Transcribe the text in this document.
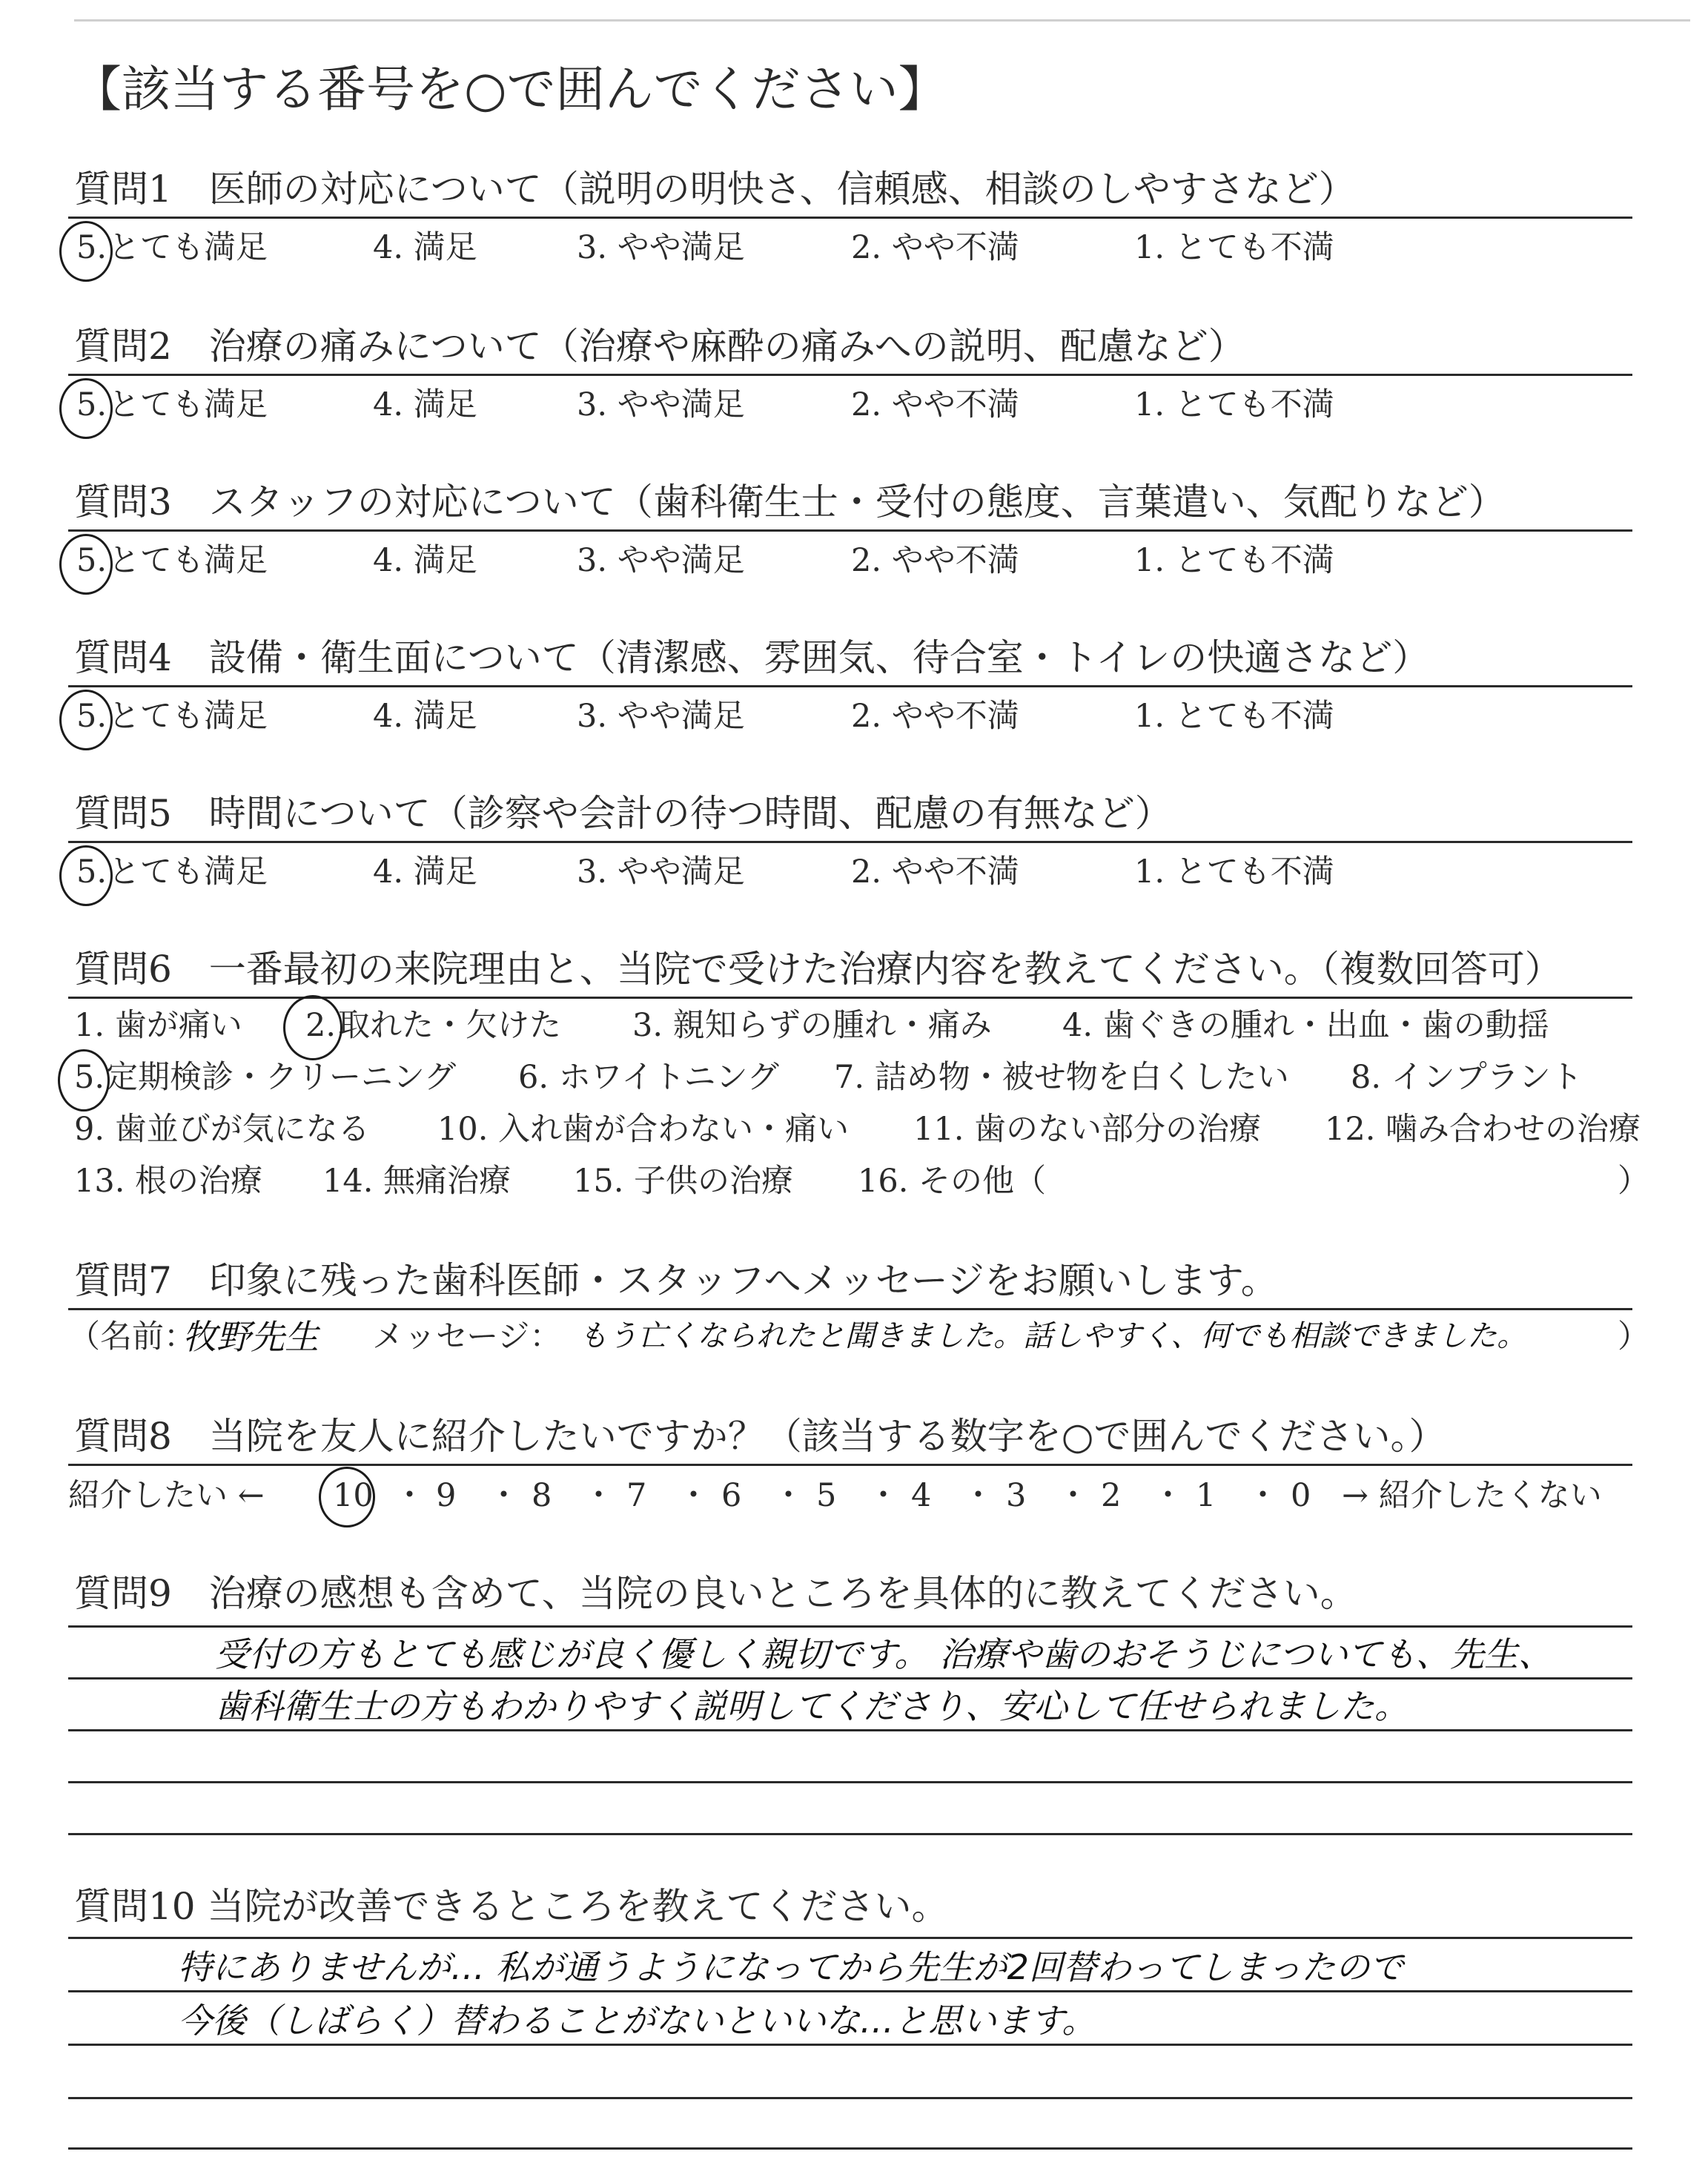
【該当する番号を○で囲んでください】
質問1　医師の対応について（説明の明快さ、信頼感、相談のしやすさなど）
5. とても満足	4. 満足	3. やや満足	2. やや不満	1. とても不満
質問2　治療の痛みについて（治療や麻酔の痛みへの説明、配慮など）
5. とても満足	4. 満足	3. やや満足	2. やや不満	1. とても不満
質問3　スタッフの対応について（歯科衛生士・受付の態度、言葉遣い、気配りなど）
5. とても満足	4. 満足	3. やや満足	2. やや不満	1. とても不満
質問4　設備・衛生面について（清潔感、雰囲気、待合室・トイレの快適さなど）
5. とても満足	4. 満足	3. やや満足	2. やや不満	1. とても不満
質問5　時間について（診察や会計の待つ時間、配慮の有無など）
5. とても満足	4. 満足	3. やや満足	2. やや不満	1. とても不満
質問6　一番最初の来院理由と、当院で受けた治療内容を教えてください。（複数回答可）
1. 歯が痛い 2. 取れた・欠けた 3. 親知らずの腫れ・痛み 4. 歯ぐきの腫れ・出血・歯の動揺
5. 定期検診・クリーニング 6. ホワイトニング 7. 詰め物・被せ物を白くしたい 8. インプラント
9. 歯並びが気になる 10. 入れ歯が合わない・痛い 11. 歯のない部分の治療 12. 噛み合わせの治療
13. 根の治療 14. 無痛治療 15. 子供の治療 16. その他（	）
質問7　印象に残った歯科医師・スタッフへメッセージをお願いします。
（名前：
牧野先生 メッセージ： もう亡くなられたと聞きました。話しやすく、何でも相談できました。	）
質問8　当院を友人に紹介したいですか？（該当する数字を○で囲んでください。）
紹介したい ← 10 ・ 9 ・ 8 ・ 7 ・ 6 ・ 5 ・ 4 ・ 3 ・ 2 ・ 1 ・ 0 → 紹介したくない
質問9　治療の感想も含めて、当院の良いところを具体的に教えてください。
受付の方もとても感じが良く優しく親切です。 治療や歯のおそうじについても、先生、
歯科衛生士の方もわかりやすく説明してくださり、安心して任せられました。
質問10 当院が改善できるところを教えてください。
特にありませんが… 私が通うようになってから先生が2回替わってしまったので
今後（しばらく）替わることがないといいな…と思います。
